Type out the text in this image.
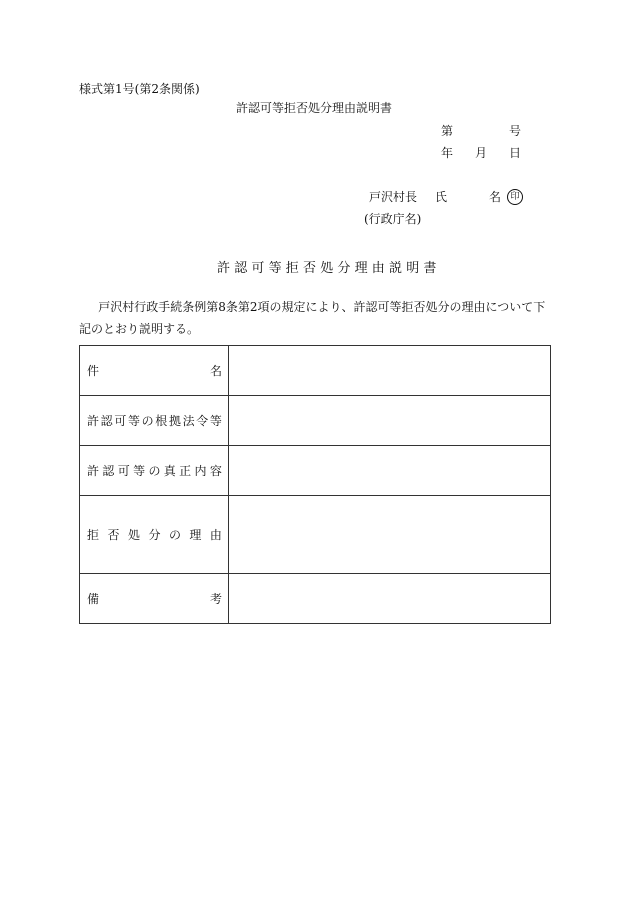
様式第1号(第2条関係)
許認可等拒否処分理由説明書
第	号
年 月 日
戸沢村長 氏	名	印
(行政庁名)
許認可等拒否処分理由説明書
戸沢村行政手続条例第8条第2項の規定により、許認可等拒否処分の理由について下記のとおり説明する。
件	名
許 認 可 等 の 根 拠 法 令 等
許 認 可 等 の 真 正 内 容
拒 否 処 分 の 理 由
備	考
